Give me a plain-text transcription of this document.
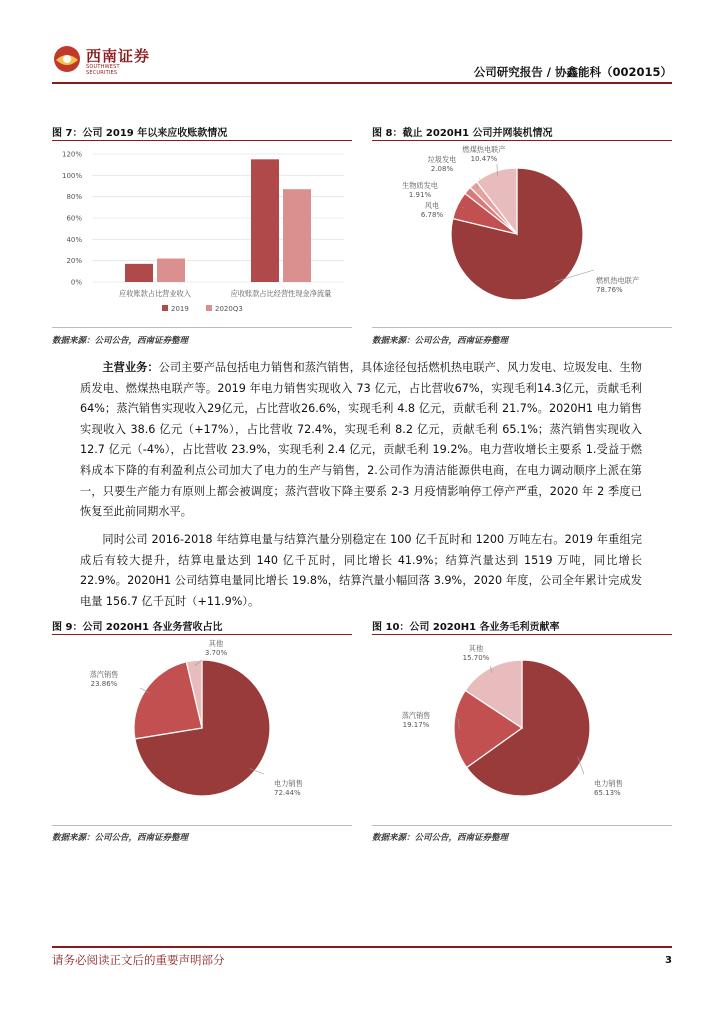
西南证券
SOUTHWEST SECURITIES	公司研究报告 / 协鑫能科（002015）
图 7：公司 2019 年以来应收账款情况
120%
100%
80%
60%
40%
20%
0%
应收账款占比营业收入	应收账款占比经营性现金净流量
2019	2020Q3
数据来源：公司公告，西南证券整理
图 8：截止 2020H1 公司并网装机情况
燃机热电联产
78.76%
风电
6.78%
生物质发电
1.91%
垃圾发电
2.08%
燃煤热电联产
10.47%
数据来源：公司公告，西南证券整理
主营业务：公司主要产品包括电力销售和蒸汽销售，具体途径包括燃机热电联产、风力发电、垃圾发电、生物质发电、燃煤热电联产等。2019 年电力销售实现收入 73 亿元，占比营收67%，实现毛利14.3亿元，贡献毛利64%；蒸汽销售实现收入29亿元，占比营收26.6%，实现毛利 4.8 亿元，贡献毛利 21.7%。2020H1 电力销售实现收入 38.6 亿元（+17%），占比营收 72.4%，实现毛利 8.2 亿元，贡献毛利 65.1%；蒸汽销售实现收入 12.7 亿元（-4%），占比营收 23.9%，实现毛利 2.4 亿元，贡献毛利 19.2%。电力营收增长主要系 1.受益于燃料成本下降的有利盈利点公司加大了电力的生产与销售，2.公司作为清洁能源供电商，在电力调动顺序上派在第一，只要生产能力有原则上都会被调度；蒸汽营收下降主要系 2-3 月疫情影响停工停产严重，2020 年 2 季度已恢复至此前同期水平。
同时公司 2016-2018 年结算电量与结算汽量分别稳定在 100 亿千瓦时和 1200 万吨左右。2019 年重组完成后有较大提升，结算电量达到 140 亿千瓦时，同比增长 41.9%；结算汽量达到 1519 万吨，同比增长 22.9%。2020H1 公司结算电量同比增长 19.8%，结算汽量小幅回落 3.9%，2020 年度，公司全年累计完成发电量 156.7 亿千瓦时（+11.9%）。
图 9：公司 2020H1 各业务营收占比
电力销售
72.44%
蒸汽销售
23.86%
其他
3.70%
数据来源：公司公告，西南证券整理
图 10：公司 2020H1 各业务毛利贡献率
电力销售
65.13%
蒸汽销售
19.17%
其他
15.70%
数据来源：公司公告，西南证券整理
请务必阅读正文后的重要声明部分	3
